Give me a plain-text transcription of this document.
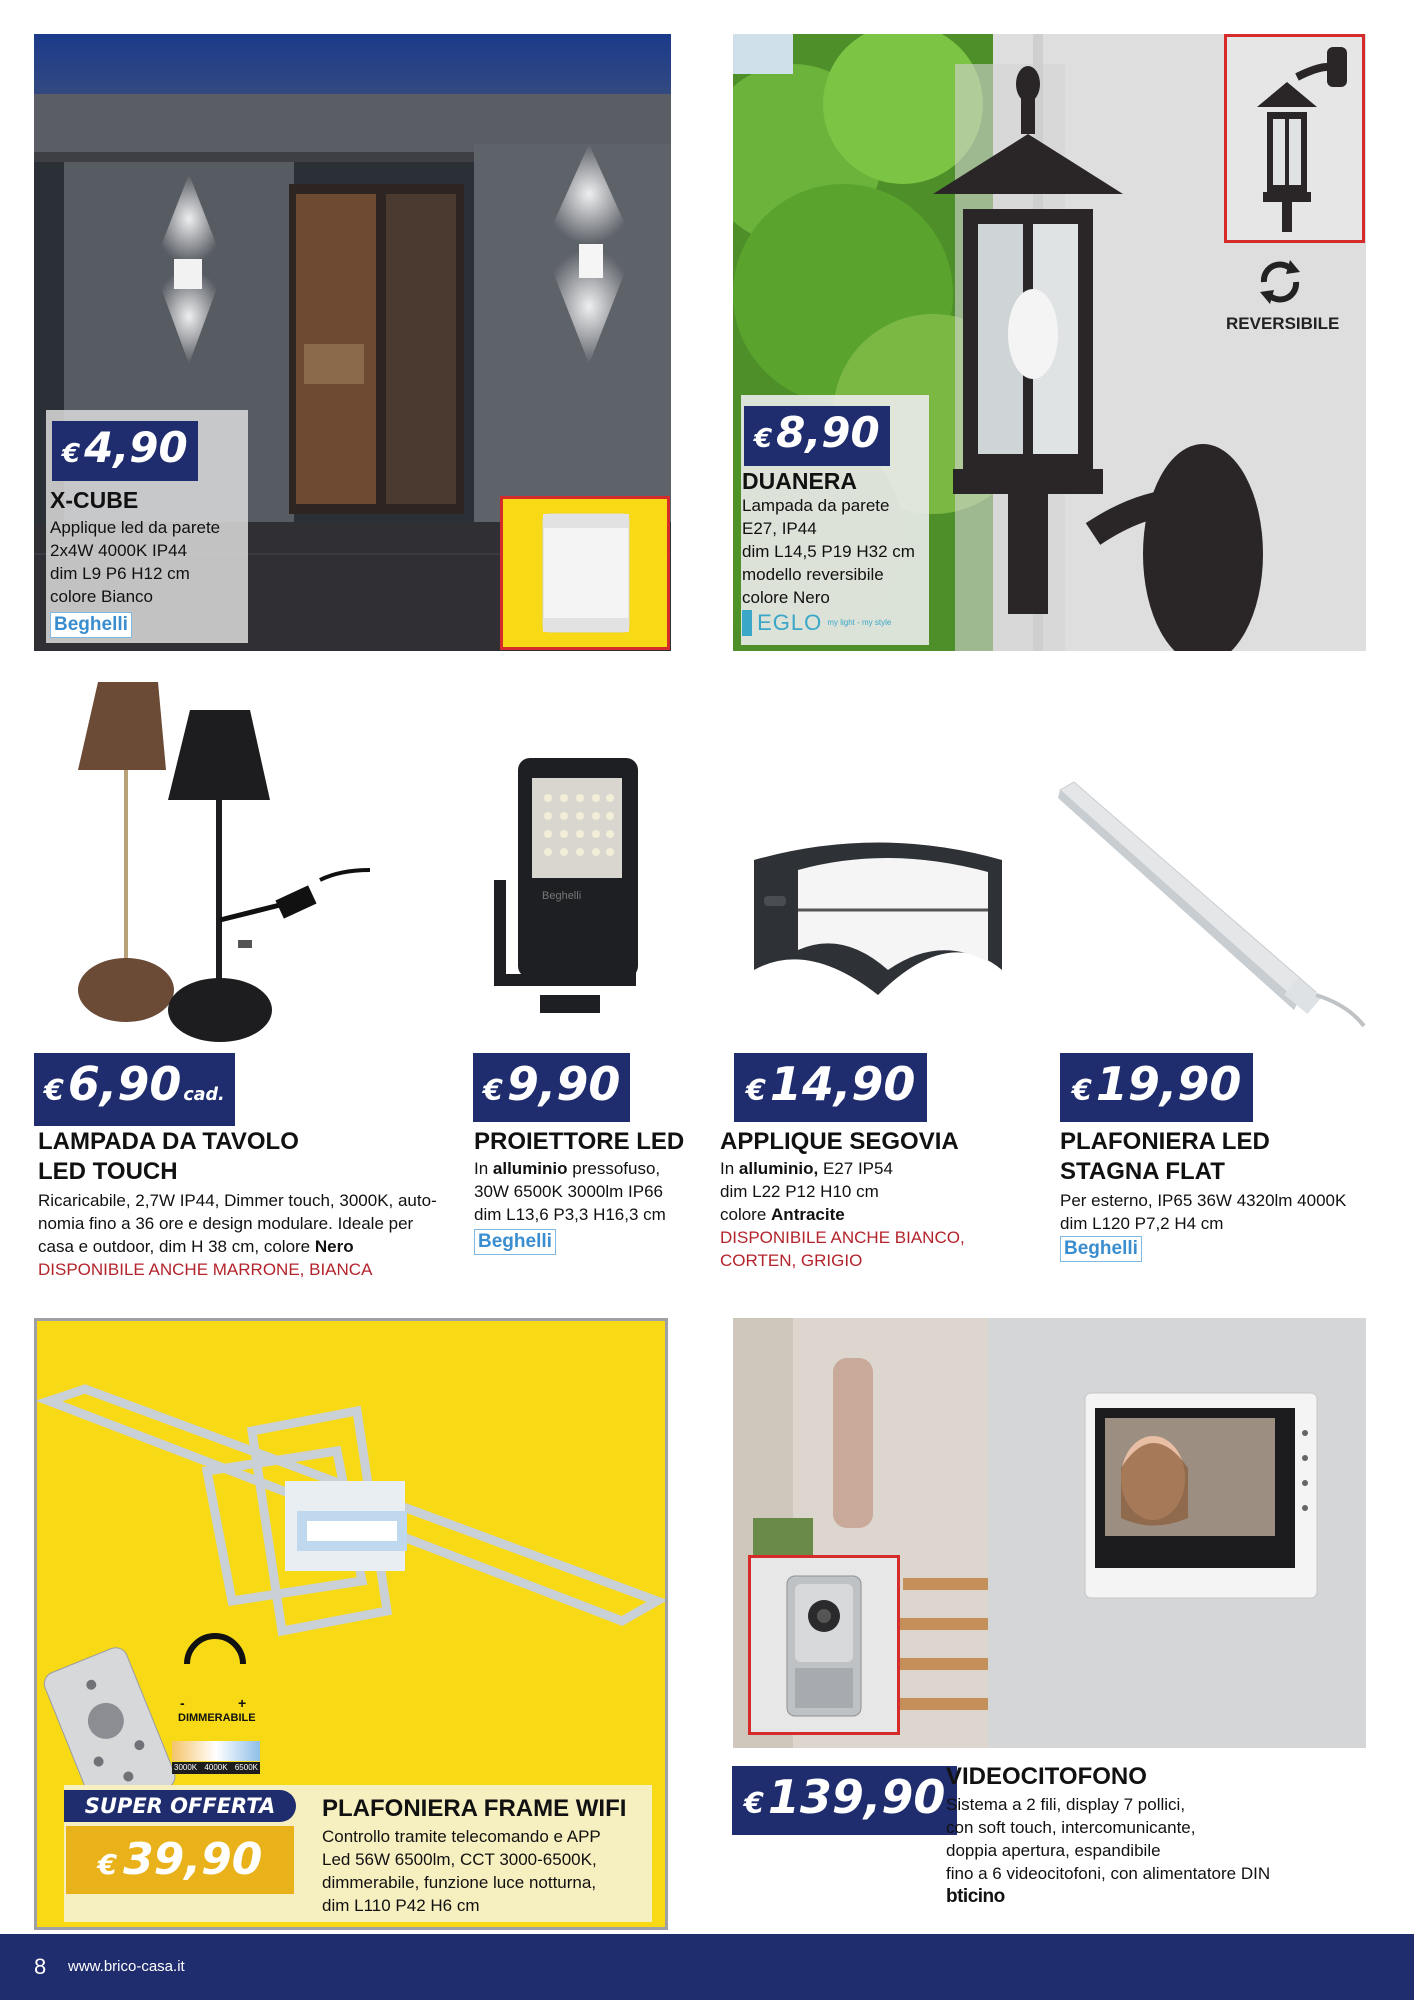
€4,90
X-CUBE
Applique led da parete
2x4W 4000K IP44
dim L9 P6 H12 cm
colore Bianco
Beghelli
€8,90
DUANERA
Lampada da parete
E27, IP44
dim L14,5 P19 H32 cm
modello reversibile
colore Nero
EGLO my light - my style
REVERSIBILE
€6,90 cad.
LAMPADA DA TAVOLO
LED TOUCH
Ricaricabile, 2,7W IP44, Dimmer touch, 3000K, auto-
nomia fino a 36 ore e design modulare. Ideale per
casa e outdoor, dim H 38 cm, colore Nero
DISPONIBILE ANCHE MARRONE, BIANCA
Beghelli
€9,90
PROIETTORE LED
In alluminio pressofuso,
30W 6500K 3000lm IP66
dim L13,6 P3,3 H16,3 cm
Beghelli
€14,90
APPLIQUE SEGOVIA
In alluminio, E27 IP54
dim L22 P12 H10 cm
colore Antracite
DISPONIBILE ANCHE BIANCO,
CORTEN, GRIGIO
€19,90
PLAFONIERA LED
STAGNA FLAT
Per esterno, IP65 36W 4320lm 4000K
dim L120 P7,2 H4 cm
Beghelli
-	+
DIMMERABILE
3000K 4000K 6500K
SUPER OFFERTA
€ 39,90
PLAFONIERA FRAME WIFI
Controllo tramite telecomando e APP
Led 56W 6500lm, CCT 3000-6500K,
dimmerabile, funzione luce notturna,
dim L110 P42 H6 cm
€139,90 VIDEOCITOFONO
Sistema a 2 fili, display 7 pollici,
con soft touch, intercomunicante,
doppia apertura, espandibile
fino a 6 videocitofoni, con alimentatore DIN
bticino
8 www.brico-casa.it
